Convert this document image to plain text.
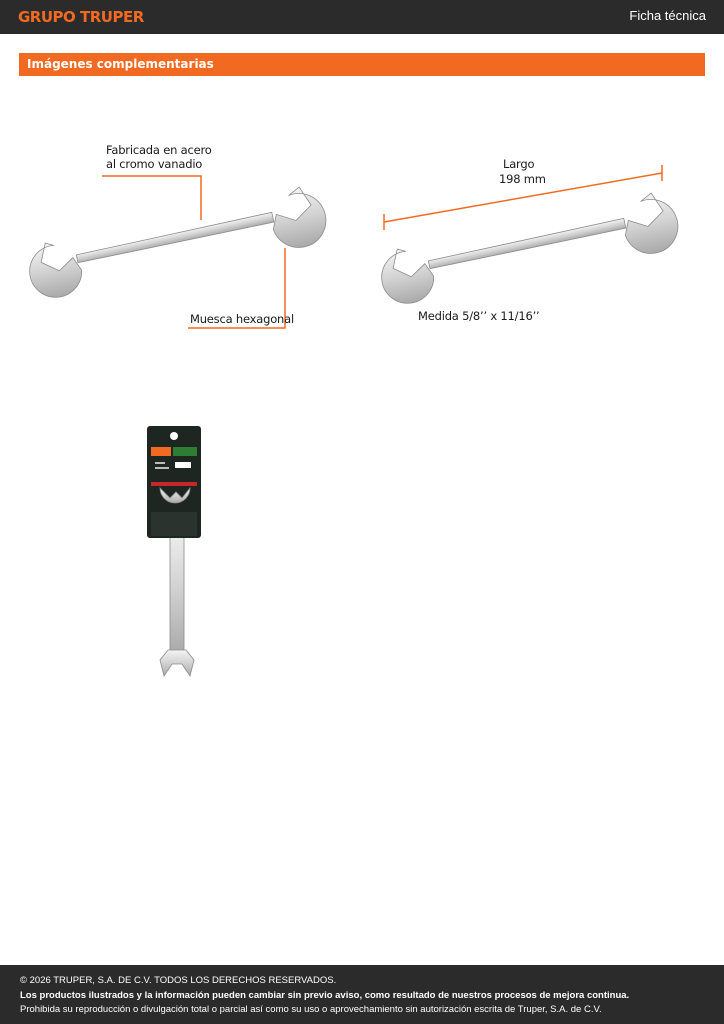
GRUPO TRUPER	Ficha técnica
Imágenes complementarias
Fabricada en acero
al cromo vanadio
Muesca hexagonal
Largo
198 mm
Medida 5/8’’ x 11/16’’
© 2026 TRUPER, S.A. DE C.V. TODOS LOS DERECHOS RESERVADOS.
Los productos ilustrados y la información pueden cambiar sin previo aviso, como resultado de nuestros procesos de mejora continua.
Prohibida su reproducción o divulgación total o parcial así como su uso o aprovechamiento sin autorización escrita de Truper, S.A. de C.V.
